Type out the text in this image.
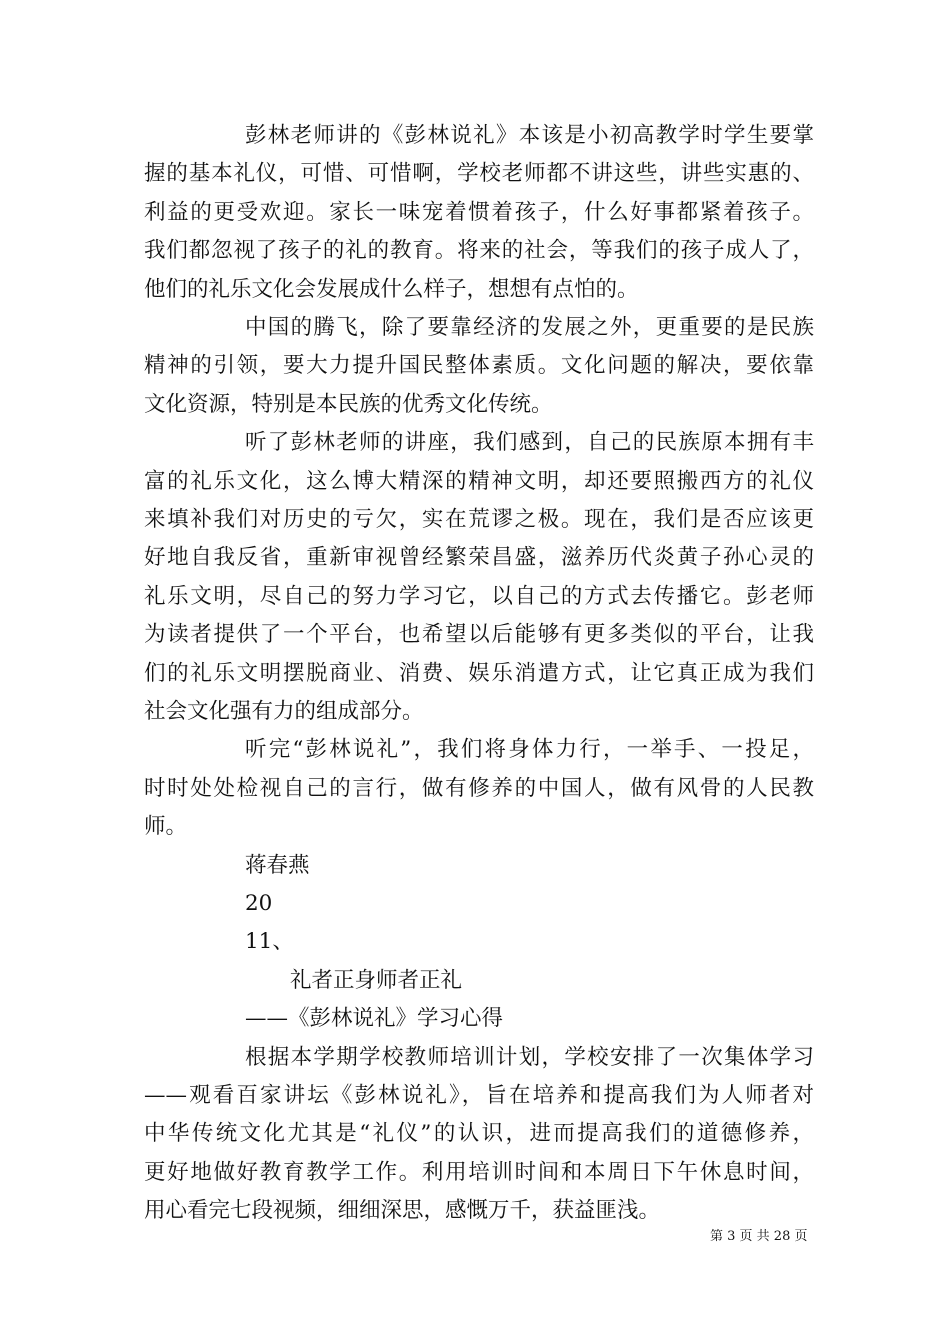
彭林老师讲的《彭林说礼》本该是小初高教学时学生要掌
握的基本礼仪，可惜、可惜啊，学校老师都不讲这些，讲些实惠的、
利益的更受欢迎。家长一味宠着惯着孩子，什么好事都紧着孩子。
我们都忽视了孩子的礼的教育。将来的社会，等我们的孩子成人了，
他们的礼乐文化会发展成什么样子，想想有点怕的。
中国的腾飞，除了要靠经济的发展之外，更重要的是民族
精神的引领，要大力提升国民整体素质。文化问题的解决，要依靠
文化资源，特别是本民族的优秀文化传统。
听了彭林老师的讲座，我们感到，自己的民族原本拥有丰
富的礼乐文化，这么博大精深的精神文明，却还要照搬西方的礼仪
来填补我们对历史的亏欠，实在荒谬之极。现在，我们是否应该更
好地自我反省，重新审视曾经繁荣昌盛，滋养历代炎黄子孙心灵的
礼乐文明，尽自己的努力学习它，以自己的方式去传播它。彭老师
为读者提供了一个平台，也希望以后能够有更多类似的平台，让我
们的礼乐文明摆脱商业、消费、娱乐消遣方式，让它真正成为我们
社会文化强有力的组成部分。
听完“彭林说礼”，我们将身体力行，一举手、一投足，
时时处处检视自己的言行，做有修养的中国人，做有风骨的人民教
师。
蒋春燕
20
11、
礼者正身师者正礼
——《彭林说礼》学习心得
根据本学期学校教师培训计划，学校安排了一次集体学习
——观看百家讲坛《彭林说礼》，旨在培养和提高我们为人师者对
中华传统文化尤其是“礼仪”的认识，进而提高我们的道德修养，
更好地做好教育教学工作。利用培训时间和本周日下午休息时间，
用心看完七段视频，细细深思，感慨万千，获益匪浅。
第 3 页 共 28 页
